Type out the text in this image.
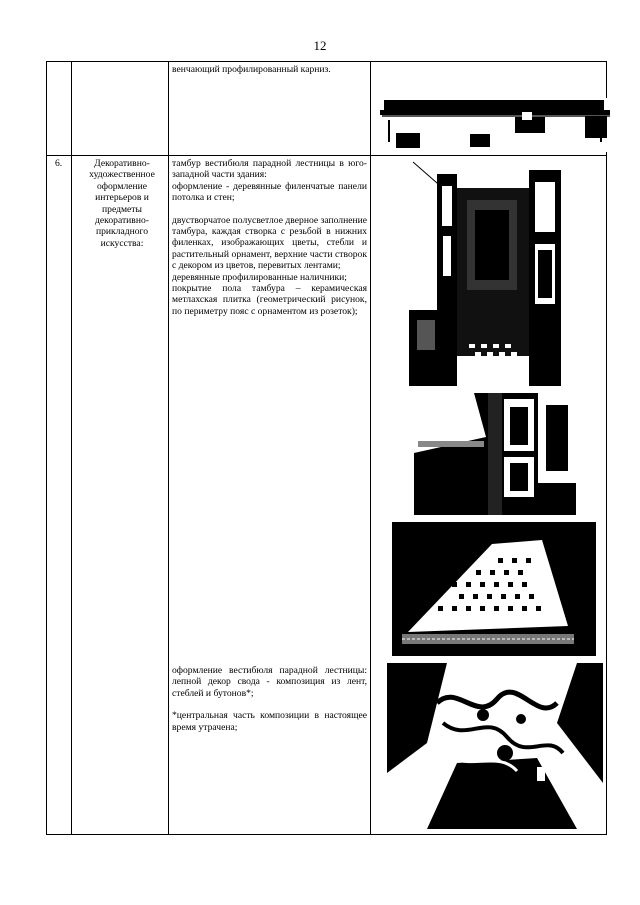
12

венчающий профилированный карниз.

6.	Декоративно-художественное оформление интерьеров и предметы декоративно-прикладного искусства:

тамбур вестибюля парадной лестницы в юго-западной части здания:

оформление - деревянные филенчатые панели потолка и стен;

двустворчатое полусветлое дверное заполнение тамбура, каждая створка с резьбой в нижних филенках, изображающих цветы, стебли и растительный орнамент, верхние части створок с декором из цветов, перевитых лентами;

деревянные профилированные наличники;

покрытие пола тамбура – керамическая метлахская плитка (геометрический рисунок, по периметру пояс с орнаментом из розеток);

оформление вестибюля парадной лестницы: лепной декор свода - композиция из лент, стеблей и бутонов*;

*центральная часть композиции в настоящее время утрачена;
